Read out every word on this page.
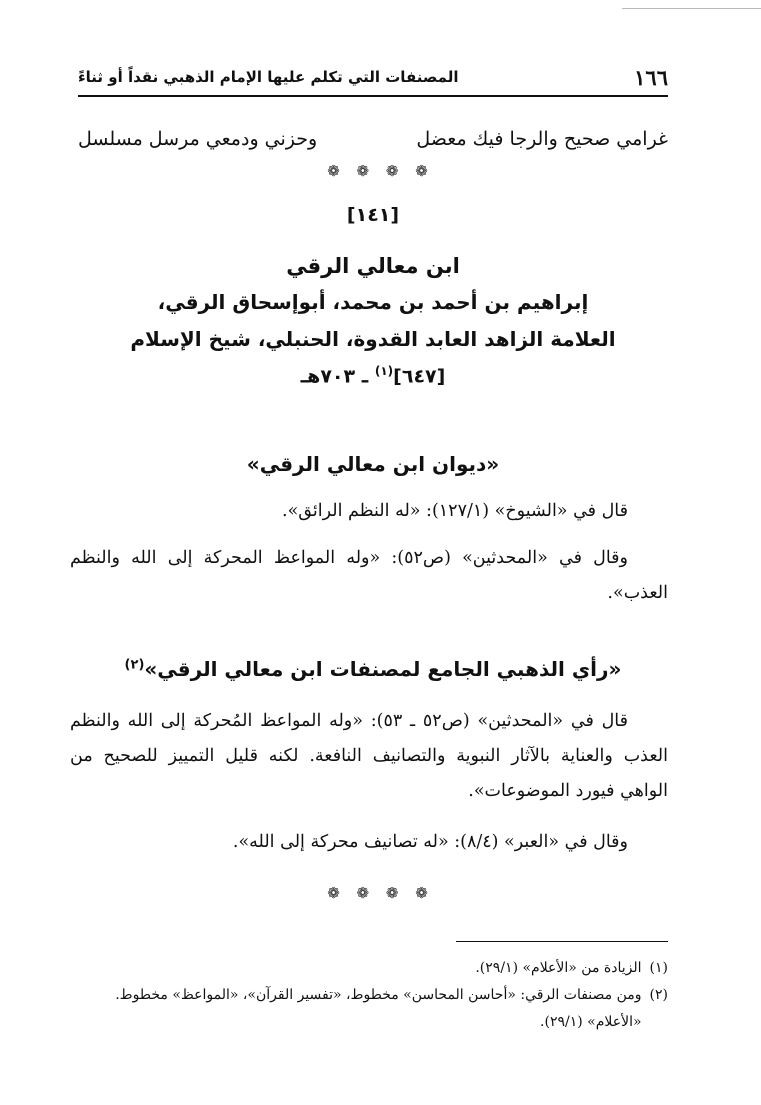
١٦٦
المصنفات التي تكلم عليها الإمام الذهبي نقداً أو ثناءً
غرامي صحيح والرجا فيك معضل
وحزني ودمعي مرسل مسلسل
❁ ❁ ❁ ❁
[١٤١]
ابن معالي الرقي
إبراهيم بن أحمد بن محمد، أبوإسحاق الرقي،
العلامة الزاهد العابد القدوة، الحنبلي، شيخ الإسلام
[٦٤٧]$^{(١)}$ ـ ٧٠٣هـ
«ديوان ابن معالي الرقي»

قال في «الشيوخ» (١٢٧/١): «له النظم الرائق».

وقال في «المحدثين» (ص٥٢): «وله المواعظ المحركة إلى الله والنظم العذب».

«رأي الذهبي الجامع لمصنفات ابن معالي الرقي»$^{(٢)}$

قال في «المحدثين» (ص٥٢ ـ ٥٣): «وله المواعظ المُحركة إلى الله والنظم العذب والعناية بالآثار النبوية والتصانيف النافعة. لكنه قليل التمييز للصحيح من الواهي فيورد الموضوعات».

وقال في «العبر» (٨/٤): «له تصانيف محركة إلى الله».

❁ ❁ ❁ ❁
(١)
الزيادة من «الأعلام» (٢٩/١).
(٢)
ومن مصنفات الرقي: «أحاسن المحاسن» مخطوط، «تفسير القرآن»، «المواعظ» مخطوط. «الأعلام» (٢٩/١).
